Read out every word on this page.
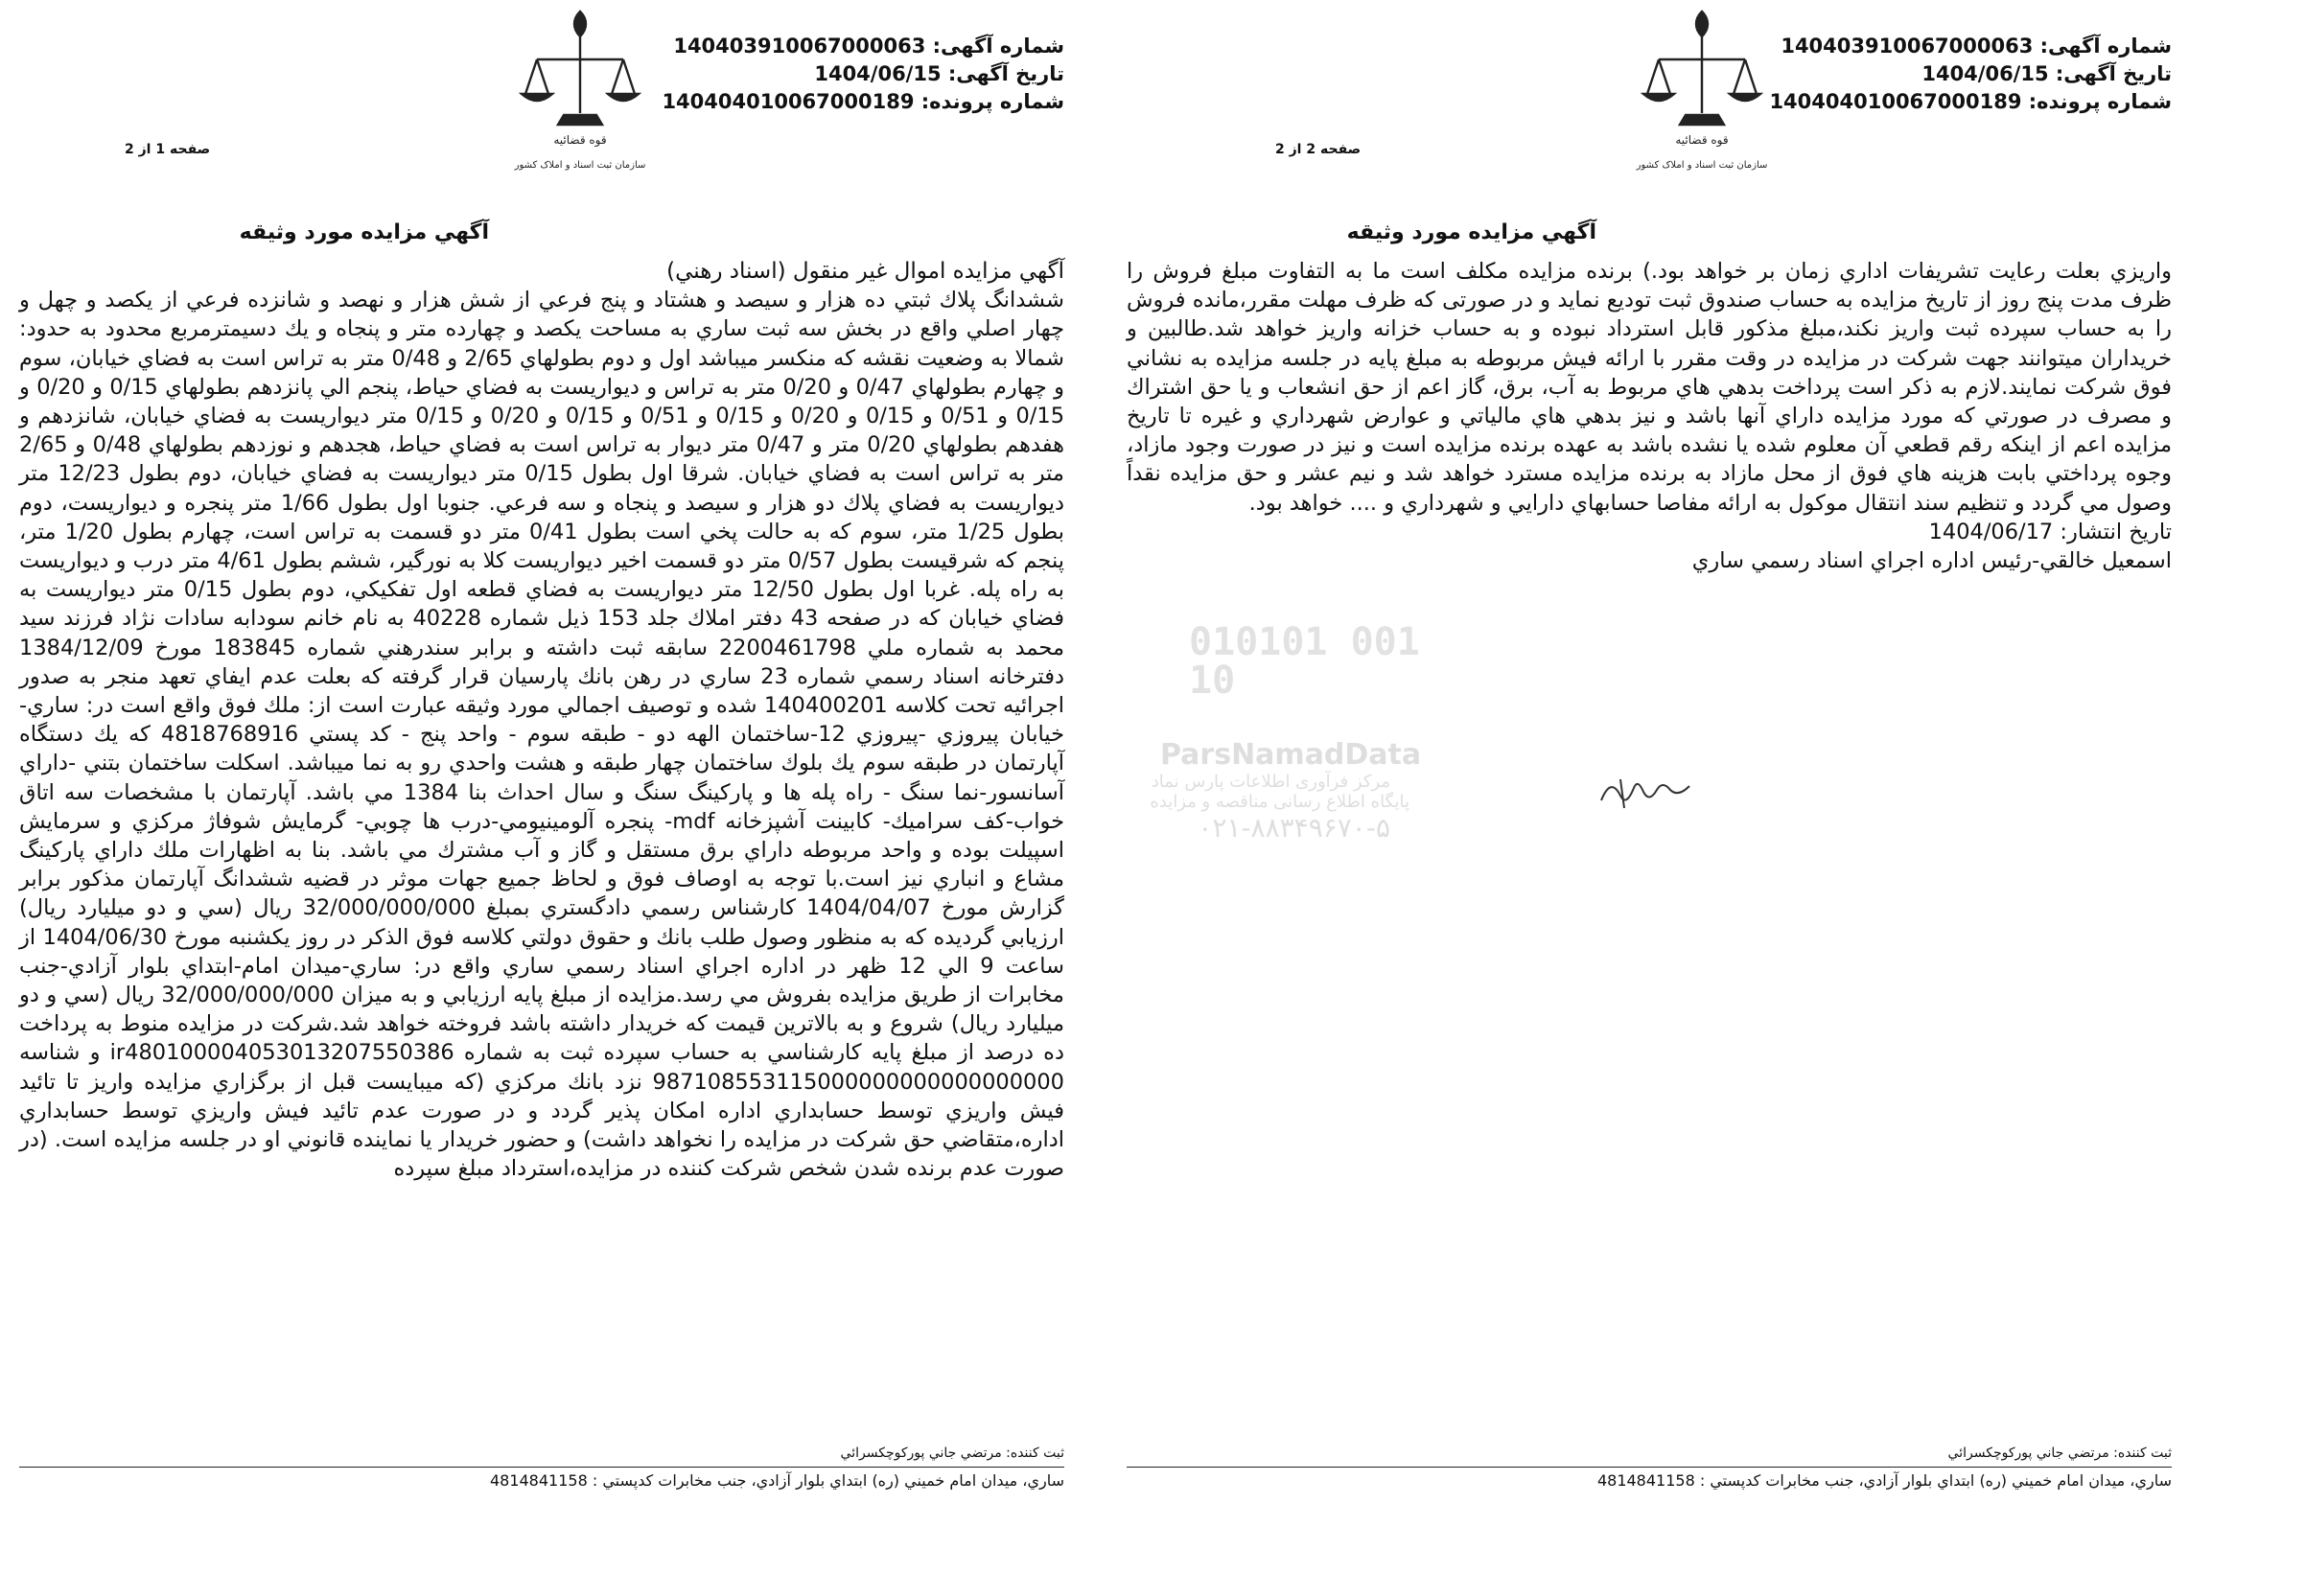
شماره آگهی: 140403910067000063
تاریخ آگهی: 1404/06/15
شماره پرونده: 140404010067000189
قوه قضائیه
سازمان ثبت اسناد و املاک کشور
صفحه 1 از 2
آگهي مزايده مورد وثيقه

آگهي مزايده اموال غير منقول (اسناد رهني)

ششدانگ پلاك ثبتي ده هزار و سيصد و هشتاد و پنج فرعي از شش هزار و نهصد و شانزده فرعي از يكصد و چهل و چهار اصلي واقع در بخش سه ثبت ساري به مساحت يكصد و چهارده متر و پنجاه و يك دسيمترمربع محدود به حدود: شمالا به وضعيت نقشه كه منكسر ميباشد اول و دوم بطولهاي 2/65 و 0/48 متر به تراس است به فضاي خيابان، سوم و چهارم بطولهاي 0/47 و 0/20 متر به تراس و ديواريست به فضاي حياط، پنجم الي پانزدهم بطولهاي 0/15 و 0/20 و 0/15 و 0/51 و 0/15 و 0/20 و 0/15 و 0/51 و 0/15 و 0/20 و 0/15 متر ديواريست به فضاي خيابان، شانزدهم و هفدهم بطولهاي 0/20 متر و 0/47 متر ديوار به تراس است به فضاي حياط، هجدهم و نوزدهم بطولهاي 0/48 و 2/65 متر به تراس است به فضاي خيابان. شرقا اول بطول 0/15 متر ديواريست به فضاي خيابان، دوم بطول 12/23 متر ديواريست به فضاي پلاك دو هزار و سيصد و پنجاه و سه فرعي. جنوبا اول بطول 1/66 متر پنجره و ديواريست، دوم بطول 1/25 متر، سوم كه به حالت پخي است بطول 0/41 متر دو قسمت به تراس است، چهارم بطول 1/20 متر، پنجم كه شرقيست بطول 0/57 متر دو قسمت اخير ديواريست كلا به نورگير، ششم بطول 4/61 متر درب و ديواريست به راه پله. غربا اول بطول 12/50 متر ديواريست به فضاي قطعه اول تفكيكي، دوم بطول 0/15 متر ديواريست به فضاي خيابان كه در صفحه 43 دفتر املاك جلد 153 ذيل شماره 40228 به نام خانم سودابه سادات نژاد فرزند سيد محمد به شماره ملي 2200461798 سابقه ثبت داشته و برابر سندرهني شماره 183845 مورخ 1384/12/09 دفترخانه اسناد رسمي شماره 23 ساري در رهن بانك پارسيان قرار گرفته كه بعلت عدم ايفاي تعهد منجر به صدور اجرائيه تحت كلاسه 140400201 شده و توصيف اجمالي مورد وثيقه عبارت است از: ملك فوق واقع است در: ساري-خيابان پيروزي -پيروزي 12-ساختمان الهه دو - طبقه سوم - واحد پنج - كد پستي 4818768916 كه يك دستگاه آپارتمان در طبقه سوم يك بلوك ساختمان چهار طبقه و هشت واحدي رو به نما ميباشد. اسكلت ساختمان بتني -داراي آسانسور-نما سنگ - راه پله ها و پاركينگ سنگ و سال احداث بنا 1384 مي باشد. آپارتمان با مشخصات سه اتاق خواب-كف سراميك- كابينت آشپزخانه mdf- پنجره آلومينيومي-درب ها چوبي- گرمايش شوفاژ مركزي و سرمايش اسپيلت بوده و واحد مربوطه داراي برق مستقل و گاز و آب مشترك مي باشد. بنا به اظهارات ملك داراي پاركينگ مشاع و انباري نيز است.با توجه به اوصاف فوق و لحاظ جميع جهات موثر در قضيه ششدانگ آپارتمان مذكور برابر گزارش مورخ 1404/04/07 كارشناس رسمي دادگستري بمبلغ 32/000/000/000 ريال (سي و دو ميليارد ريال) ارزيابي گرديده كه به منظور وصول طلب بانك و حقوق دولتي كلاسه فوق الذكر در روز يكشنبه مورخ 1404/06/30 از ساعت 9 الي 12 ظهر در اداره اجراي اسناد رسمي ساري واقع در: ساري-ميدان امام-ابتداي بلوار آزادي-جنب مخابرات از طريق مزايده بفروش مي رسد.مزايده از مبلغ پايه ارزيابي و به ميزان 32/000/000/000 ريال (سي و دو ميليارد ريال) شروع و به بالاترين قيمت كه خريدار داشته باشد فروخته خواهد شد.شركت در مزايده منوط به پرداخت ده درصد از مبلغ پايه كارشناسي به حساب سپرده ثبت به شماره ir480100004053013207550386 و شناسه 987108553115000000000000000000 نزد بانك مركزي (كه ميبايست قبل از برگزاري مزايده واريز تا تائيد فيش واريزي توسط حسابداري اداره امكان پذير گردد و در صورت عدم تائيد فيش واريزي توسط حسابداري اداره،متقاضي حق شركت در مزايده را نخواهد داشت) و حضور خريدار يا نماينده قانوني او در جلسه مزايده است. (در صورت عدم برنده شدن شخص شركت كننده در مزايده،استرداد مبلغ سپرده

ثبت كننده: مرتضي جاني پوركوچكسرائي
ساري، ميدان امام خميني (ره) ابتداي بلوار آزادي، جنب مخابرات كدپستي : 4814841158
شماره آگهی: 140403910067000063
تاریخ آگهی: 1404/06/15
شماره پرونده: 140404010067000189
قوه قضائیه
سازمان ثبت اسناد و املاک کشور
صفحه 2 از 2
آگهي مزايده مورد وثيقه

واريزي بعلت رعايت تشريفات اداري زمان بر خواهد بود.) برنده مزايده مكلف است ما به التفاوت مبلغ فروش را ظرف مدت پنج روز از تاريخ مزايده به حساب صندوق ثبت توديع نمايد و در صورتی كه ظرف مهلت مقرر،مانده فروش را به حساب سپرده ثبت واريز نكند،مبلغ مذكور قابل استرداد نبوده و به حساب خزانه واريز خواهد شد.طالبين و خريداران ميتوانند جهت شركت در مزايده در وقت مقرر با ارائه فيش مربوطه به مبلغ پايه در جلسه مزايده به نشاني فوق شركت نمايند.لازم به ذكر است پرداخت بدهي هاي مربوط به آب، برق، گاز اعم از حق انشعاب و يا حق اشتراك و مصرف در صورتي كه مورد مزايده داراي آنها باشد و نيز بدهي هاي مالياتي و عوارض شهرداري و غيره تا تاريخ مزايده اعم از اينكه رقم قطعي آن معلوم شده يا نشده باشد به عهده برنده مزايده است و نيز در صورت وجود مازاد، وجوه پرداختي بابت هزينه هاي فوق از محل مازاد به برنده مزايده مسترد خواهد شد و نيم عشر و حق مزايده نقداً وصول مي گردد و تنظيم سند انتقال موكول به ارائه مفاصا حسابهاي دارايي و شهرداري و .... خواهد بود.

تاريخ انتشار: 1404/06/17

اسمعيل خالقي-رئيس اداره اجراي اسناد رسمي ساري

ثبت كننده: مرتضي جاني پوركوچكسرائي
ساري، ميدان امام خميني (ره) ابتداي بلوار آزادي، جنب مخابرات كدپستي : 4814841158
010101 001 10
ParsNamadData
مرکز فرآوری اطلاعات پارس نماد
پایگاه اطلاع رسانی مناقصه و مزایده
۰۲۱-۸۸۳۴۹۶۷۰-۵
